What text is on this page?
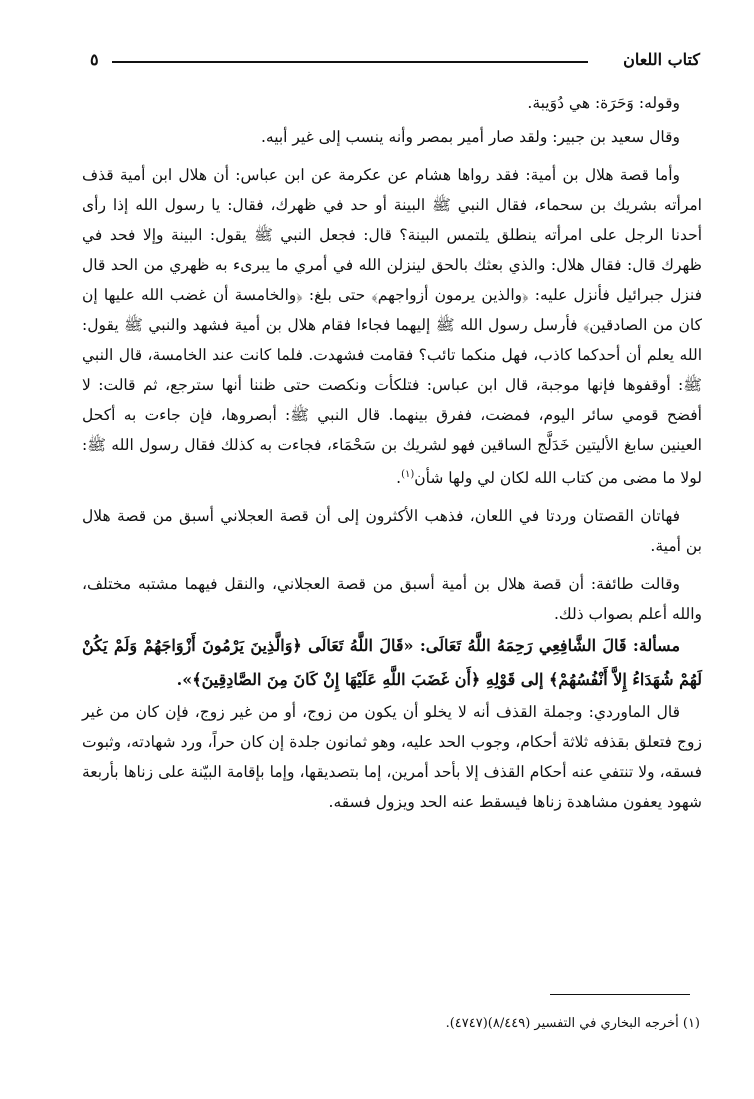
كتاب اللعان
٥

وقوله: وَحَرَة: هي دُوَيبة.

وقال سعيد بن جبير: ولقد صار أمير بمصر وأنه ينسب إلى غير أبيه.

وأما قصة هلال بن أمية: فقد رواها هشام عن عكرمة عن ابن عباس: أن هلال ابن أمية قذف امرأته بشريك بن سحماء، فقال النبي ﷺ البينة أو حد في ظهرك، فقال: يا رسول الله إذا رأى أحدنا الرجل على امرأته ينطلق يلتمس البينة؟ قال: فجعل النبي ﷺ يقول: البينة وإلا فحد في ظهرك قال: فقال هلال: والذي بعثك بالحق لينزلن الله في أمري ما يبرىء به ظهري من الحد قال فنزل جبرائيل فأنزل عليه: ﴿والذين يرمون أزواجهم﴾ حتى بلغ: ﴿والخامسة أن غضب الله عليها إن كان من الصادقين﴾ فأرسل رسول الله ﷺ إليهما فجاءا فقام هلال بن أمية فشهد والنبي ﷺ يقول: الله يعلم أن أحدكما كاذب، فهل منكما تائب؟ فقامت فشهدت. فلما كانت عند الخامسة، قال النبي ﷺ: أوقفوها فإنها موجبة، قال ابن عباس: فتلكأت ونكصت حتى ظننا أنها سترجع، ثم قالت: لا أفضح قومي سائر اليوم، فمضت، ففرق بينهما. قال النبي ﷺ: أبصروها، فإن جاءت به أكحل العينين سابغ الأليتين خَدَلَّج الساقين فهو لشريك بن سَحْمَاء، فجاءت به كذلك فقال رسول الله ﷺ: لولا ما مضى من كتاب الله لكان لي ولها شأن$^{(١)}$.

فهاتان القصتان وردتا في اللعان، فذهب الأكثرون إلى أن قصة العجلاني أسبق من قصة هلال بن أمية.

وقالت طائفة: أن قصة هلال بن أمية أسبق من قصة العجلاني، والنقل فيهما مشتبه مختلف، والله أعلم بصواب ذلك.

مسألة: قَالَ الشَّافِعِي رَحِمَهُ اللَّهُ تَعَالَى: «قَالَ اللَّهُ تَعَالَى ﴿وَالَّذِينَ يَرْمُونَ أَزْوَاجَهُمْ وَلَمْ يَكُنْ لَهُمْ شُهَدَاءُ إِلاَّ أَنْفُسُهُمْ﴾ إلى قَوْلِهِ ﴿أَن غَضَبَ اللَّهِ عَلَيْهَا إِنْ كَانَ مِنَ الصَّادِقِينَ﴾».

قال الماوردي: وجملة القذف أنه لا يخلو أن يكون من زوج، أو من غير زوج، فإن كان من غير زوج فتعلق بقذفه ثلاثة أحكام، وجوب الحد عليه، وهو ثمانون جلدة إن كان حراً، ورد شهادته، وثبوت فسقه، ولا تنتفي عنه أحكام القذف إلا بأحد أمرين، إما بتصديقها، وإما بإقامة البيّنة على زناها بأربعة شهود يعفون مشاهدة زناها فيسقط عنه الحد ويزول فسقه.

(١) أخرجه البخاري في التفسير (٨/٤٤٩)(٤٧٤٧).
